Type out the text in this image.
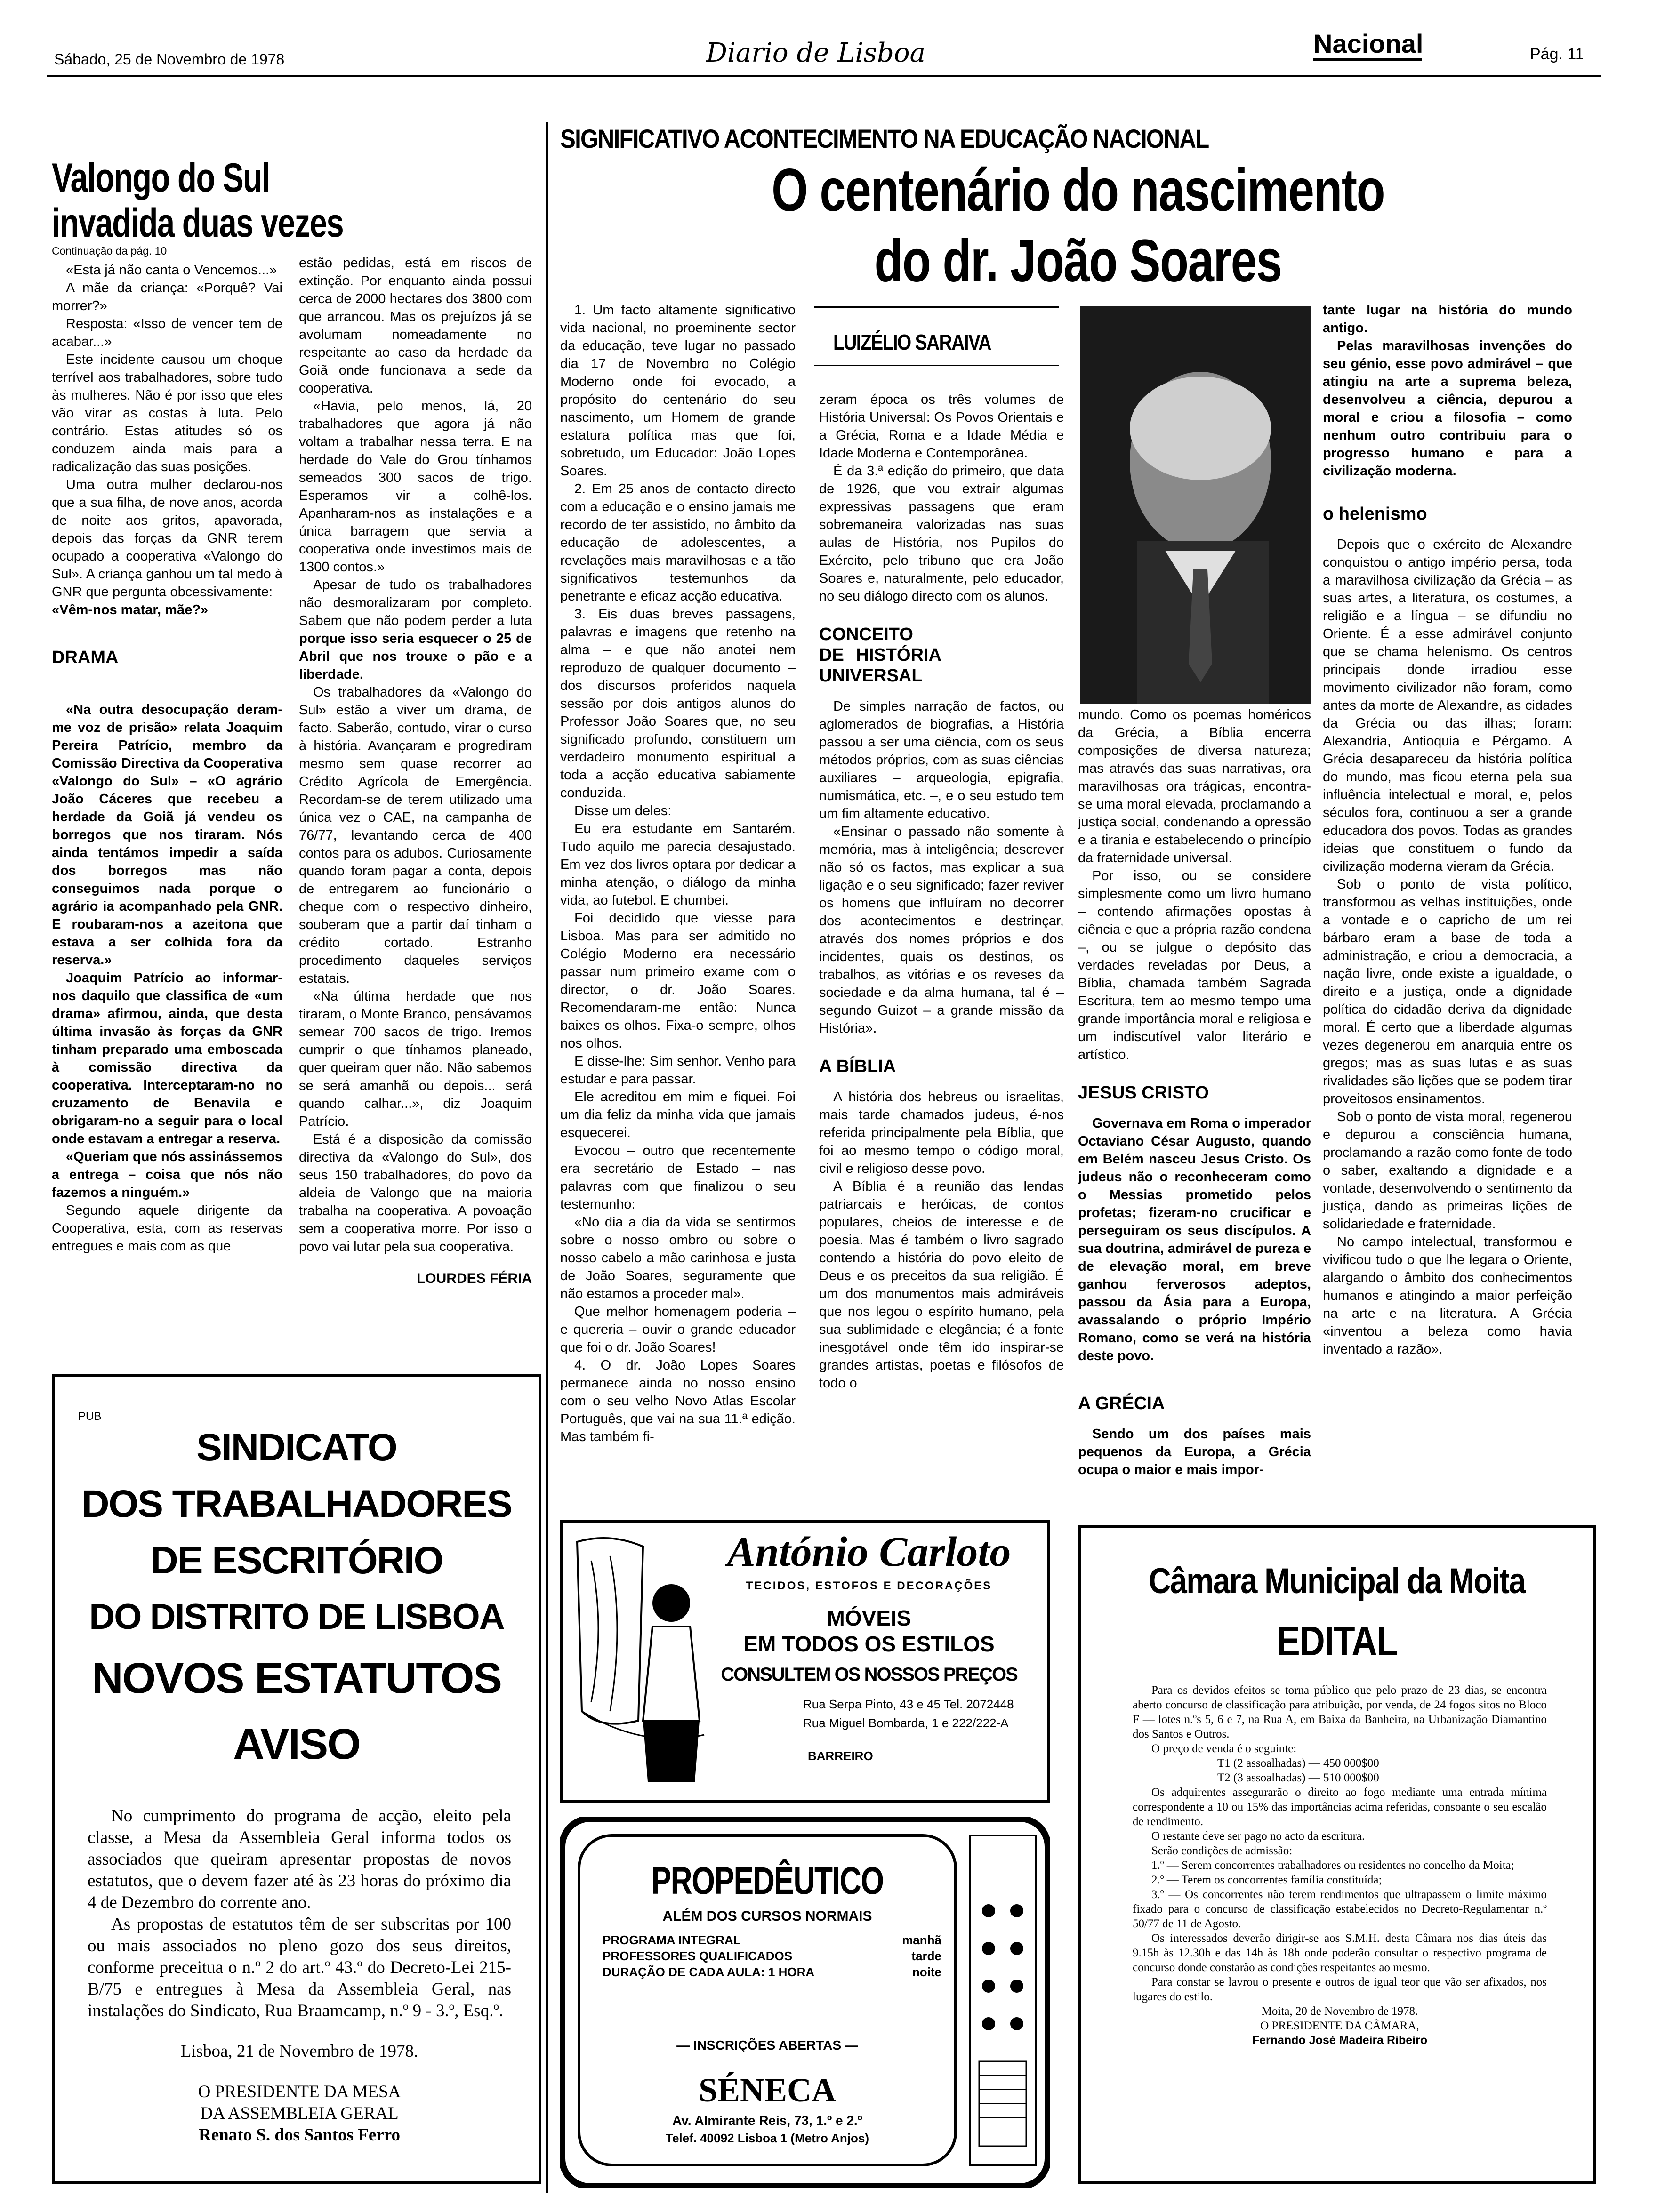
Sábado, 25 de Novembro de 1978	Diario de Lisboa	Nacional	Pág. 11
Valongo do Sul
invadida duas vezes
Continuação da pág. 10

«Esta já não canta o Vencemos...»

A mãe da criança: «Porquê? Vai morrer?»

Resposta: «Isso de vencer tem de acabar...»

Este incidente causou um choque terrível aos trabalhadores, sobre tudo às mulheres. Não é por isso que eles vão virar as costas à luta. Pelo contrário. Estas atitudes só os conduzem ainda mais para a radicalização das suas posições.

Uma outra mulher declarou-nos que a sua filha, de nove anos, acorda de noite aos gritos, apavorada, depois das forças da GNR terem ocupado a cooperativa «Valongo do Sul». A criança ganhou um tal medo à GNR que pergunta obcessivamente:

«Vêm-nos matar, mãe?»

DRAMA

«Na outra desocupação deram-me voz de prisão» relata Joaquim Pereira Patrício, membro da Comissão Directiva da Cooperativa «Valongo do Sul» – «O agrário João Cáceres que recebeu a herdade da Goiã já vendeu os borregos que nos tiraram. Nós ainda tentámos impedir a saída dos borregos mas não conseguimos nada porque o agrário ia acompanhado pela GNR. E roubaram-nos a azeitona que estava a ser colhida fora da reserva.»

Joaquim Patrício ao informar-nos daquilo que classifica de «um drama» afirmou, ainda, que desta última invasão às forças da GNR tinham preparado uma emboscada à comissão directiva da cooperativa. Interceptaram-no no cruzamento de Benavila e obrigaram-no a seguir para o local onde estavam a entregar a reserva.

«Queriam que nós assinássemos a entrega – coisa que nós não fazemos a ninguém.»

Segundo aquele dirigente da Cooperativa, esta, com as reservas entregues e mais com as que

estão pedidas, está em riscos de extinção. Por enquanto ainda possui cerca de 2000 hectares dos 3800 com que arrancou. Mas os prejuízos já se avolumam nomeadamente no respeitante ao caso da herdade da Goiã onde funcionava a sede da cooperativa.

«Havia, pelo menos, lá, 20 trabalhadores que agora já não voltam a trabalhar nessa terra. E na herdade do Vale do Grou tínhamos semeados 300 sacos de trigo. Esperamos vir a colhê-los. Apanharam-nos as instalações e a única barragem que servia a cooperativa onde investimos mais de 1300 contos.»

Apesar de tudo os trabalhadores não desmoralizaram por completo. Sabem que não podem perder a luta porque isso seria esquecer o 25 de Abril que nos trouxe o pão e a liberdade.

Os trabalhadores da «Valongo do Sul» estão a viver um drama, de facto. Saberão, contudo, virar o curso à história. Avançaram e progrediram mesmo sem quase recorrer ao Crédito Agrícola de Emergência. Recordam-se de terem utilizado uma única vez o CAE, na campanha de 76/77, levantando cerca de 400 contos para os adubos. Curiosamente quando foram pagar a conta, depois de entregarem ao funcionário o cheque com o respectivo dinheiro, souberam que a partir daí tinham o crédito cortado. Estranho procedimento daqueles serviços estatais.

«Na última herdade que nos tiraram, o Monte Branco, pensávamos semear 700 sacos de trigo. Iremos cumprir o que tínhamos planeado, quer queiram quer não. Não sabemos se será amanhã ou depois... será quando calhar...», diz Joaquim Patrício.

Está é a disposição da comissão directiva da «Valongo do Sul», dos seus 150 trabalhadores, do povo da aldeia de Valongo que na maioria trabalha na cooperativa. A povoação sem a cooperativa morre. Por isso o povo vai lutar pela sua cooperativa.

LOURDES FÉRIA
PUB
SINDICATO
DOS TRABALHADORES
DE ESCRITÓRIO
DO DISTRITO DE LISBOA
NOVOS ESTATUTOS
AVISO

No cumprimento do programa de acção, eleito pela classe, a Mesa da Assembleia Geral informa todos os associados que queiram apresentar propostas de novos estatutos, que o devem fazer até às 23 horas do próximo dia 4 de Dezembro do corrente ano.

As propostas de estatutos têm de ser subscritas por 100 ou mais associados no pleno gozo dos seus direitos, conforme preceitua o n.º 2 do art.º 43.º do Decreto-Lei 215-B/75 e entregues à Mesa da Assembleia Geral, nas instalações do Sindicato, Rua Braamcamp, n.º 9 - 3.º, Esq.º.

Lisboa, 21 de Novembro de 1978.
O PRESIDENTE DA MESA
DA ASSEMBLEIA GERAL
Renato S. dos Santos Ferro
SIGNIFICATIVO ACONTECIMENTO NA EDUCAÇÃO NACIONAL
O centenário do nascimento
do dr. João Soares
LUIZÉLIO SARAIVA

1. Um facto altamente significativo vida nacional, no proeminente sector da educação, teve lugar no passado dia 17 de Novembro no Colégio Moderno onde foi evocado, a propósito do centenário do seu nascimento, um Homem de grande estatura política mas que foi, sobretudo, um Educador: João Lopes Soares.

2. Em 25 anos de contacto directo com a educação e o ensino jamais me recordo de ter assistido, no âmbito da educação de adolescentes, a revelações mais maravilhosas e a tão significativos testemunhos da penetrante e eficaz acção educativa.

3. Eis duas breves passagens, palavras e imagens que retenho na alma – e que não anotei nem reproduzo de qualquer documento – dos discursos proferidos naquela sessão por dois antigos alunos do Professor João Soares que, no seu significado profundo, constituem um verdadeiro monumento espiritual a toda a acção educativa sabiamente conduzida.

Disse um deles:

Eu era estudante em Santarém. Tudo aquilo me parecia desajustado. Em vez dos livros optara por dedicar a minha atenção, o diálogo da minha vida, ao futebol. E chumbei.

Foi decidido que viesse para Lisboa. Mas para ser admitido no Colégio Moderno era necessário passar num primeiro exame com o director, o dr. João Soares. Recomendaram-me então: Nunca baixes os olhos. Fixa-o sempre, olhos nos olhos.

E disse-lhe: Sim senhor. Venho para estudar e para passar.

Ele acreditou em mim e fiquei. Foi um dia feliz da minha vida que jamais esquecerei.

Evocou – outro que recentemente era secretário de Estado – nas palavras com que finalizou o seu testemunho:

«No dia a dia da vida se sentirmos sobre o nosso ombro ou sobre o nosso cabelo a mão carinhosa e justa de João Soares, seguramente que não estamos a proceder mal».

Que melhor homenagem poderia – e quereria – ouvir o grande educador que foi o dr. João Soares!

4. O dr. João Lopes Soares permanece ainda no nosso ensino com o seu velho Novo Atlas Escolar Português, que vai na sua 11.ª edição. Mas também fi-

zeram época os três volumes de História Universal: Os Povos Orientais e a Grécia, Roma e a Idade Média e Idade Moderna e Contemporânea.

É da 3.ª edição do primeiro, que data de 1926, que vou extrair algumas expressivas passagens que eram sobremaneira valorizadas nas suas aulas de História, nos Pupilos do Exército, pelo tribuno que era João Soares e, naturalmente, pelo educador, no seu diálogo directo com os alunos.

CONCEITO DE HISTÓRIA UNIVERSAL

De simples narração de factos, ou aglomerados de biografias, a História passou a ser uma ciência, com os seus métodos próprios, com as suas ciências auxiliares – arqueologia, epigrafia, numismática, etc. –, e o seu estudo tem um fim altamente educativo.

«Ensinar o passado não somente à memória, mas à inteligência; descrever não só os factos, mas explicar a sua ligação e o seu significado; fazer reviver os homens que influíram no decorrer dos acontecimentos e destrinçar, através dos nomes próprios e dos incidentes, quais os destinos, os trabalhos, as vitórias e os reveses da sociedade e da alma humana, tal é – segundo Guizot – a grande missão da História».

A BÍBLIA

A história dos hebreus ou israelitas, mais tarde chamados judeus, é-nos referida principalmente pela Bíblia, que foi ao mesmo tempo o código moral, civil e religioso desse povo.

A Bíblia é a reunião das lendas patriarcais e heróicas, de contos populares, cheios de interesse e de poesia. Mas é também o livro sagrado contendo a história do povo eleito de Deus e os preceitos da sua religião. É um dos monumentos mais admiráveis que nos legou o espírito humano, pela sua sublimidade e elegância; é a fonte inesgotável onde têm ido inspirar-se grandes artistas, poetas e filósofos de todo o

mundo. Como os poemas homéricos da Grécia, a Bíblia encerra composições de diversa natureza; mas através das suas narrativas, ora maravilhosas ora trágicas, encontra-se uma moral elevada, proclamando a justiça social, condenando a opressão e a tirania e estabelecendo o princípio da fraternidade universal.

Por isso, ou se considere simplesmente como um livro humano – contendo afirmações opostas à ciência e que a própria razão condena –, ou se julgue o depósito das verdades reveladas por Deus, a Bíblia, chamada também Sagrada Escritura, tem ao mesmo tempo uma grande importância moral e religiosa e um indiscutível valor literário e artístico.

JESUS CRISTO

Governava em Roma o imperador Octaviano César Augusto, quando em Belém nasceu Jesus Cristo. Os judeus não o reconheceram como o Messias prometido pelos profetas; fizeram-no crucificar e perseguiram os seus discípulos. A sua doutrina, admirável de pureza e de elevação moral, em breve ganhou ferverosos adeptos, passou da Ásia para a Europa, avassalando o próprio Império Romano, como se verá na história deste povo.

A GRÉCIA

Sendo um dos países mais pequenos da Europa, a Grécia ocupa o maior e mais impor-

tante lugar na história do mundo antigo.

Pelas maravilhosas invenções do seu génio, esse povo admirável – que atingiu na arte a suprema beleza, desenvolveu a ciência, depurou a moral e criou a filosofia – como nenhum outro contribuiu para o progresso humano e para a civilização moderna.

o helenismo

Depois que o exército de Alexandre conquistou o antigo império persa, toda a maravilhosa civilização da Grécia – as suas artes, a literatura, os costumes, a religião e a língua – se difundiu no Oriente. É a esse admirável conjunto que se chama helenismo. Os centros principais donde irradiou esse movimento civilizador não foram, como antes da morte de Alexandre, as cidades da Grécia ou das ilhas; foram: Alexandria, Antioquia e Pérgamo. A Grécia desapareceu da história política do mundo, mas ficou eterna pela sua influência intelectual e moral, e, pelos séculos fora, continuou a ser a grande educadora dos povos. Todas as grandes ideias que constituem o fundo da civilização moderna vieram da Grécia.

Sob o ponto de vista político, transformou as velhas instituições, onde a vontade e o capricho de um rei bárbaro eram a base de toda a administração, e criou a democracia, a nação livre, onde existe a igualdade, o direito e a justiça, onde a dignidade política do cidadão deriva da dignidade moral. É certo que a liberdade algumas vezes degenerou em anarquia entre os gregos; mas as suas lutas e as suas rivalidades são lições que se podem tirar proveitosos ensinamentos.

Sob o ponto de vista moral, regenerou e depurou a consciência humana, proclamando a razão como fonte de todo o saber, exaltando a dignidade e a vontade, desenvolvendo o sentimento da justiça, dando as primeiras lições de solidariedade e fraternidade.

No campo intelectual, transformou e vivificou tudo o que lhe legara o Oriente, alargando o âmbito dos conhecimentos humanos e atingindo a maior perfeição na arte e na literatura. A Grécia «inventou a beleza como havia inventado a razão».

António Carloto
TECIDOS, ESTOFOS E DECORAÇÕES
MÓVEIS
EM TODOS OS ESTILOS
CONSULTEM OS NOSSOS PREÇOS
Rua Serpa Pinto, 43 e 45 Tel. 2072448
Rua Miguel Bombarda, 1 e 222/222-A
BARREIRO
PROPEDÊUTICO
ALÉM DOS CURSOS NORMAIS
PROGRAMA INTEGRAL	manhã
PROFESSORES QUALIFICADOS	tarde
DURAÇÃO DE CADA AULA: 1 HORA	noite
— INSCRIÇÕES ABERTAS —
SÉNECA
Av. Almirante Reis, 73, 1.º e 2.º
Telef. 40092 Lisboa 1 (Metro Anjos)
Câmara Municipal da Moita
EDITAL

Para os devidos efeitos se torna público que pelo prazo de 23 dias, se encontra aberto concurso de classificação para atribuição, por venda, de 24 fogos sitos no Bloco F — lotes n.ºs 5, 6 e 7, na Rua A, em Baixa da Banheira, na Urbanização Diamantino dos Santos e Outros.

O preço de venda é o seguinte:

T1 (2 assoalhadas) — 450 000$00
T2 (3 assoalhadas) — 510 000$00

Os adquirentes assegurarão o direito ao fogo mediante uma entrada mínima correspondente a 10 ou 15% das importâncias acima referidas, consoante o seu escalão de rendimento.

O restante deve ser pago no acto da escritura.

Serão condições de admissão:

1.º — Serem concorrentes trabalhadores ou residentes no concelho da Moita;

2.º — Terem os concorrentes família constituída;

3.º — Os concorrentes não terem rendimentos que ultrapassem o limite máximo fixado para o concurso de classificação estabelecidos no Decreto-Regulamentar n.º 50/77 de 11 de Agosto.

Os interessados deverão dirigir-se aos S.M.H. desta Câmara nos dias úteis das 9.15h às 12.30h e das 14h às 18h onde poderão consultar o respectivo programa de concurso donde constarão as condições respeitantes ao mesmo.

Para constar se lavrou o presente e outros de igual teor que vão ser afixados, nos lugares do estilo.

Moita, 20 de Novembro de 1978.
O PRESIDENTE DA CÂMARA,
Fernando José Madeira Ribeiro
